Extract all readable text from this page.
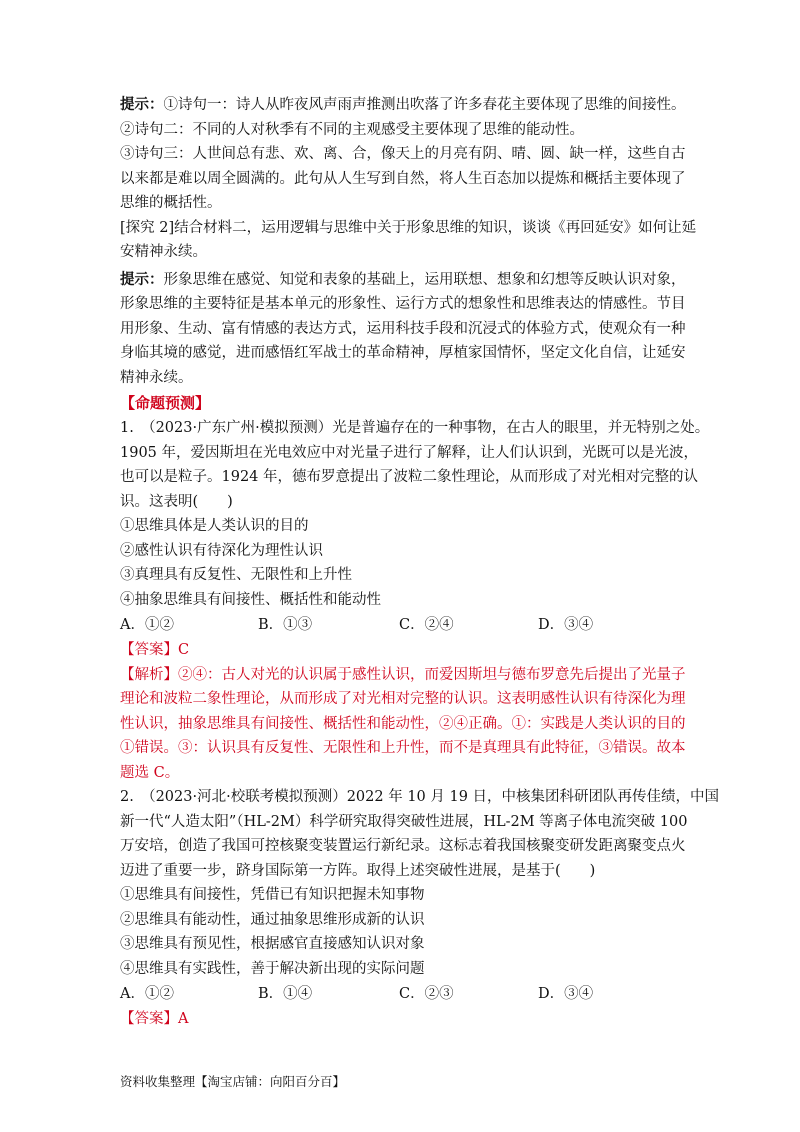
提示：①诗句一：诗人从昨夜风声雨声推测出吹落了许多春花主要体现了思维的间接性。

②诗句二：不同的人对秋季有不同的主观感受主要体现了思维的能动性。

③诗句三：人世间总有悲、欢、离、合，像天上的月亮有阴、晴、圆、缺一样，这些自古

以来都是难以周全圆满的。此句从人生写到自然，将人生百态加以提炼和概括主要体现了

思维的概括性。

[探究 2]结合材料二，运用逻辑与思维中关于形象思维的知识，谈谈《再回延安》如何让延

安精神永续。

提示：形象思维在感觉、知觉和表象的基础上，运用联想、想象和幻想等反映认识对象，

形象思维的主要特征是基本单元的形象性、运行方式的想象性和思维表达的情感性。节目

用形象、生动、富有情感的表达方式，运用科技手段和沉浸式的体验方式，使观众有一种

身临其境的感觉，进而感悟红军战士的革命精神，厚植家国情怀，坚定文化自信，让延安

精神永续。

【命题预测】

1.　（2023·广东广州·模拟预测）光是普遍存在的一种事物，在古人的眼里，并无特别之处。

1905 年，爱因斯坦在光电效应中对光量子进行了解释，让人们认识到，光既可以是光波，

也可以是粒子。1924 年，德布罗意提出了波粒二象性理论，从而形成了对光相对完整的认

识。这表明(　　)

①思维具体是人类认识的目的

②感性认识有待深化为理性认识

③真理具有反复性、无限性和上升性

④抽象思维具有间接性、概括性和能动性

A．①②	B．①③	C．②④	D．③④

【答案】C

【解析】②④：古人对光的认识属于感性认识，而爱因斯坦与德布罗意先后提出了光量子

理论和波粒二象性理论，从而形成了对光相对完整的认识。这表明感性认识有待深化为理

性认识，抽象思维具有间接性、概括性和能动性，②④正确。①：实践是人类认识的目的

①错误。③：认识具有反复性、无限性和上升性，而不是真理具有此特征，③错误。故本

题选 C。

2.　（2023·河北·校联考模拟预测）2022 年 10 月 19 日，中核集团科研团队再传佳绩，中国

新一代“人造太阳”（HL-2M）科学研究取得突破性进展，HL-2M 等离子体电流突破 100

万安培，创造了我国可控核聚变装置运行新纪录。这标志着我国核聚变研发距离聚变点火

迈进了重要一步，跻身国际第一方阵。取得上述突破性进展，是基于(　　)

①思维具有间接性，凭借已有知识把握未知事物

②思维具有能动性，通过抽象思维形成新的认识

③思维具有预见性，根据感官直接感知认识对象

④思维具有实践性，善于解决新出现的实际问题

A．①②	B．①④	C．②③	D．③④

【答案】A

资料收集整理【淘宝店铺：向阳百分百】
